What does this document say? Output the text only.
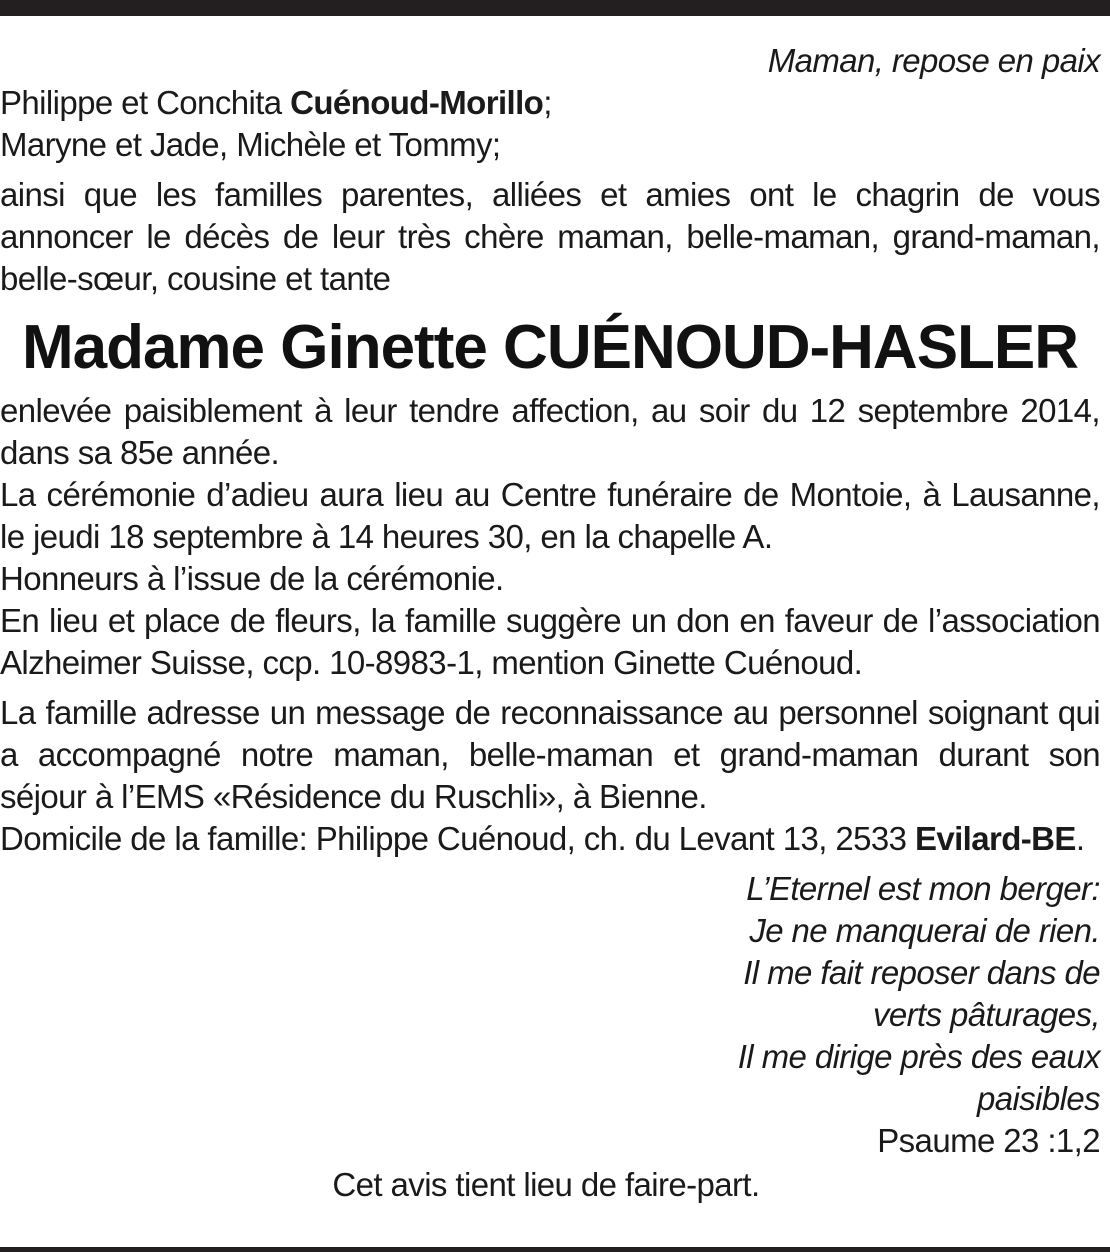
Maman, repose en paix

Philippe et Conchita Cuénoud-Morillo;

Maryne et Jade, Michèle et Tommy;

ainsi que les familles parentes, alliées et amies ont le chagrin de vous annoncer le décès de leur très chère maman, belle-maman, grand-maman, belle-sœur, cousine et tante

Madame Ginette CUÉNOUD-HASLER

enlevée paisiblement à leur tendre affection, au soir du 12 septembre 2014, dans sa 85e année.

La cérémonie d’adieu aura lieu au Centre funéraire de Montoie, à Lausanne, le jeudi 18 septembre à 14 heures 30, en la chapelle A.

Honneurs à l’issue de la cérémonie.

En lieu et place de fleurs, la famille suggère un don en faveur de l’association Alzheimer Suisse, ccp. 10-8983-1, mention Ginette Cuénoud.

La famille adresse un message de reconnaissance au personnel soignant qui a accompagné notre maman, belle-maman et grand-maman durant son séjour à l’EMS «Résidence du Ruschli», à Bienne.

Domicile de la famille: Philippe Cuénoud, ch. du Levant 13, 2533 Evilard-BE.

L’Eternel est mon berger:
Je ne manquerai de rien.
Il me fait reposer dans de
verts pâturages,
Il me dirige près des eaux
paisibles
Psaume 23 :1,2

Cet avis tient lieu de faire-part.
